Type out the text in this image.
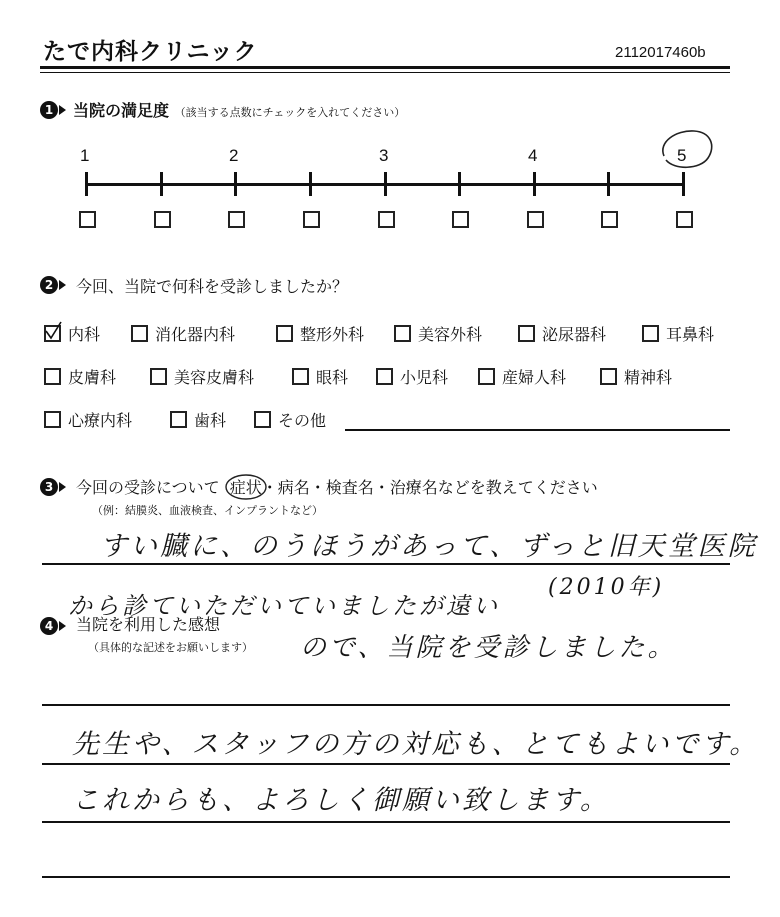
たで内科クリニック	2112017460b
1	当院の満足度 （該当する点数にチェックを入れてください）
1	2	3	4	5
2	今回、当院で何科を受診しましたか？
内科	消化器内科	整形外科	美容外科	泌尿器科	耳鼻科
皮膚科	美容皮膚科	眼科	小児科	産婦人科	精神科
心療内科	歯科	その他
3	今回の受診について 症状
・病名・検査名・治療名などを教えてください
（例：結膜炎、血液検査、インプラントなど）
すい臓に、のうほうがあって、ずっと旧天堂医院
から診ていただいていましたが遠い
(2010年)
4	当院を利用した感想
（具体的な記述をお願いします） ので、当院を受診しました。
先生や、スタッフの方の対応も、とてもよいです。
これからも、よろしく御願い致します。
